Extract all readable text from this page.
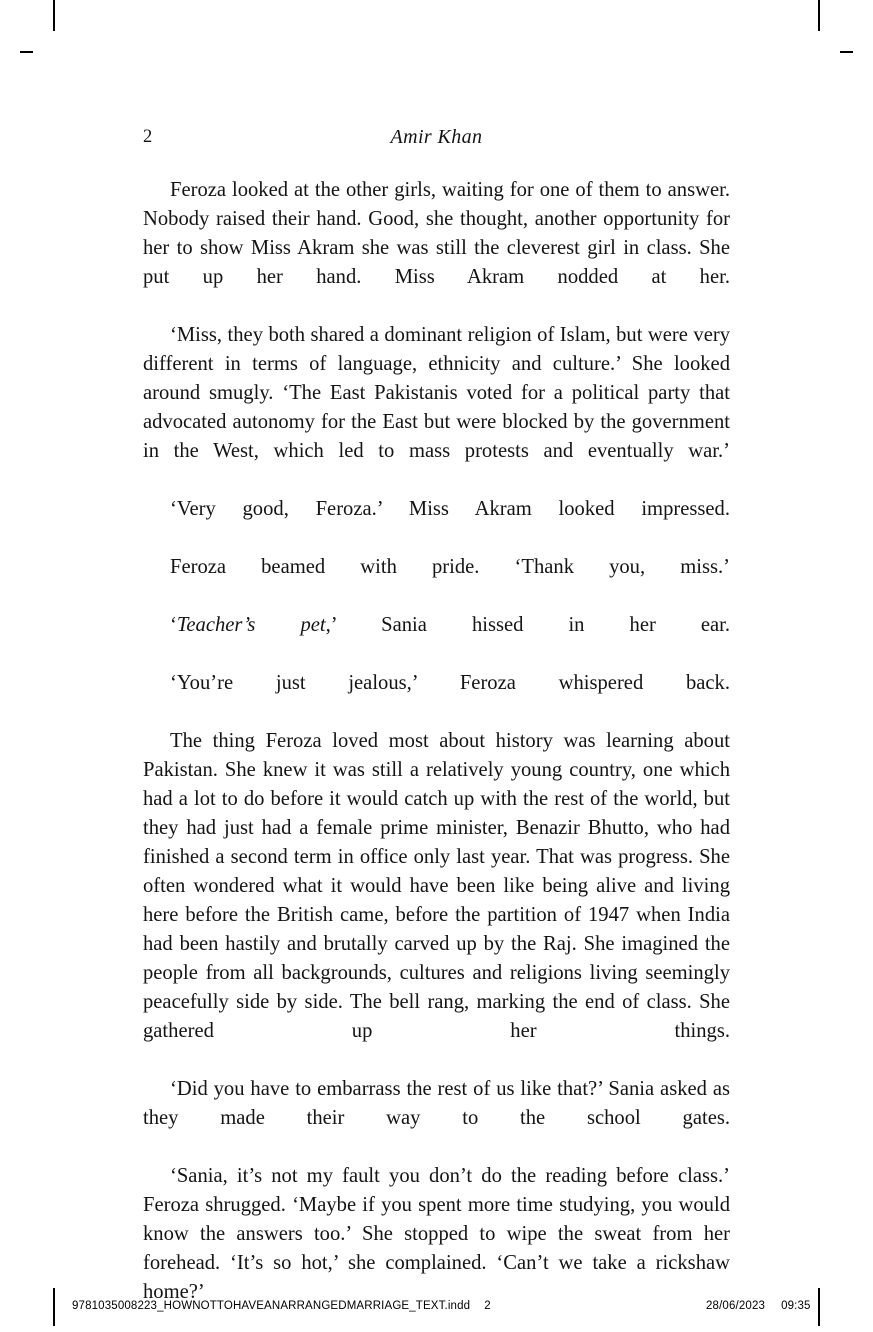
2	Amir Khan

Feroza looked at the other girls, waiting for one of them to answer. Nobody raised their hand. Good, she thought, another opportunity for her to show Miss Akram she was still the cleverest girl in class. She put up her hand. Miss Akram nodded at her.

‘Miss, they both shared a dominant religion of Islam, but were very different in terms of language, ethnicity and culture.’ She looked around smugly. ‘The East Pakistanis voted for a political party that advocated autonomy for the East but were blocked by the government in the West, which led to mass protests and eventually war.’

‘Very good, Feroza.’ Miss Akram looked impressed.

Feroza beamed with pride. ‘Thank you, miss.’

‘Teacher’s pet,’ Sania hissed in her ear.

‘You’re just jealous,’ Feroza whispered back.

The thing Feroza loved most about history was learning about Pakistan. She knew it was still a relatively young country, one which had a lot to do before it would catch up with the rest of the world, but they had just had a female prime minister, Benazir Bhutto, who had finished a second term in office only last year. That was progress. She often wondered what it would have been like being alive and living here before the British came, before the partition of 1947 when India had been hastily and brutally carved up by the Raj. She imagined the people from all backgrounds, cultures and religions living seemingly peacefully side by side. The bell rang, marking the end of class. She gathered up her things.

‘Did you have to embarrass the rest of us like that?’ Sania asked as they made their way to the school gates.

‘Sania, it’s not my fault you don’t do the reading before class.’ Feroza shrugged. ‘Maybe if you spent more time studying, you would know the answers too.’ She stopped to wipe the sweat from her forehead. ‘It’s so hot,’ she complained. ‘Can’t we take a rickshaw home?’

9781035008223_HOWNOTTOHAVEANARRANGEDMARRIAGE_TEXT.indd 2	28/06/2023 09:35
